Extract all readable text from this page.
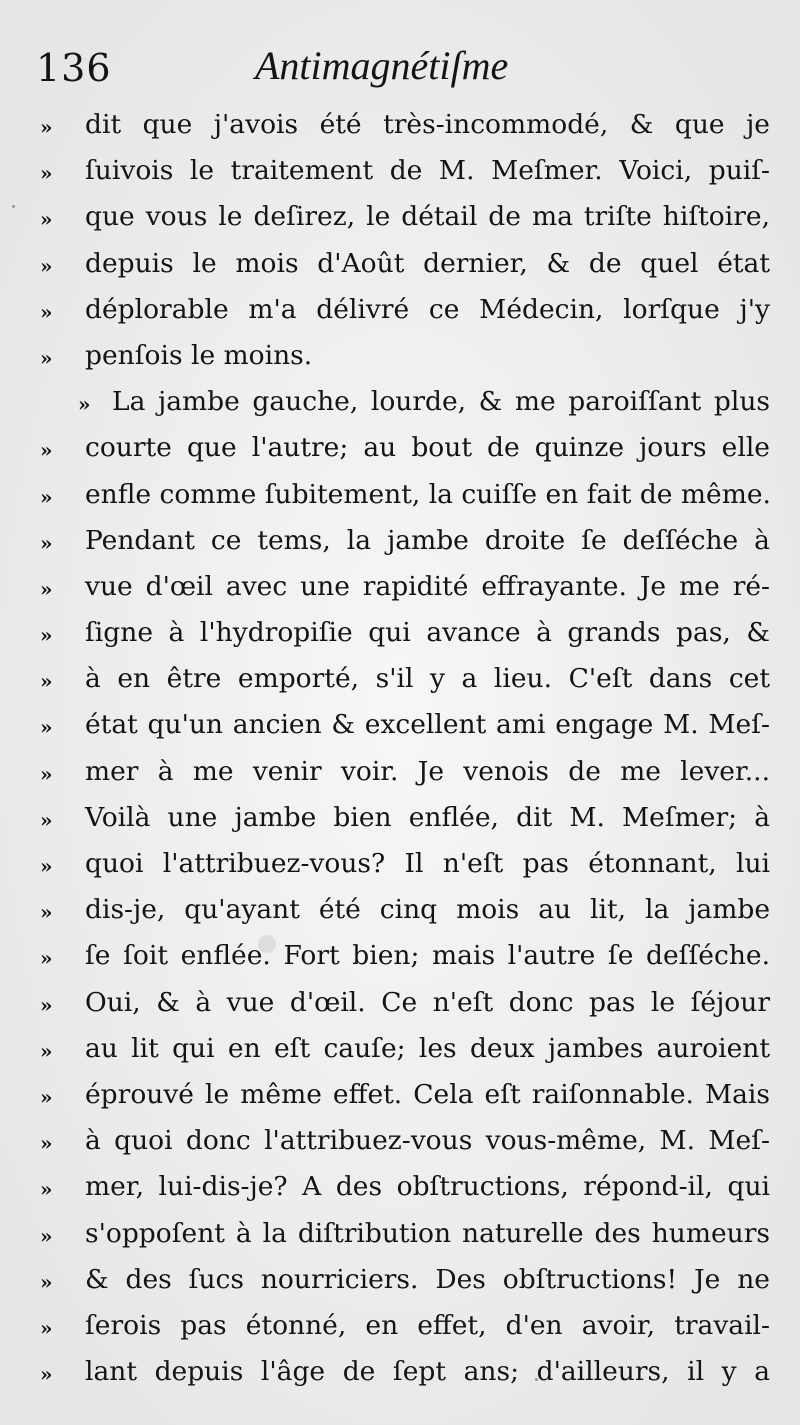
136	Antimagnétiſme
»	dit que j'avois été très-incommodé, & que je
»	ſuivois le traitement de M. Meſmer. Voici, puiſ-
»	que vous le deſirez, le détail de ma triſte hiſtoire,
»	depuis le mois d'Août dernier, & de quel état
»	déplorable m'a délivré ce Médecin, lorſque j'y
»	penſois le moins.
» La jambe gauche, lourde, & me paroiſſant plus
»	courte que l'autre; au bout de quinze jours elle
»	enfle comme ſubitement, la cuiſſe en fait de même.
»	Pendant ce tems, la jambe droite ſe deſſéche à
»	vue d'œil avec une rapidité effrayante. Je me ré-
»	ſigne à l'hydropiſie qui avance à grands pas, &
»	à en être emporté, s'il y a lieu. C'eſt dans cet
»	état qu'un ancien & excellent ami engage M. Meſ-
»	mer à me venir voir. Je venois de me lever...
»	Voilà une jambe bien enflée, dit M. Meſmer; à
»	quoi l'attribuez-vous? Il n'eſt pas étonnant, lui
»	dis-je, qu'ayant été cinq mois au lit, la jambe
»	ſe ſoit enflée. Fort bien; mais l'autre ſe deſſéche.
»	Oui, & à vue d'œil. Ce n'eſt donc pas le ſéjour
»	au lit qui en eſt cauſe; les deux jambes auroient
»	éprouvé le même effet. Cela eſt raiſonnable. Mais
»	à quoi donc l'attribuez-vous vous-même, M. Meſ-
»	mer, lui-dis-je? A des obſtructions, répond-il, qui
»	s'oppoſent à la diſtribution naturelle des humeurs
»	& des ſucs nourriciers. Des obſtructions! Je ne
»	ſerois pas étonné, en effet, d'en avoir, travail-
»	lant depuis l'âge de ſept ans; d'ailleurs, il y a
